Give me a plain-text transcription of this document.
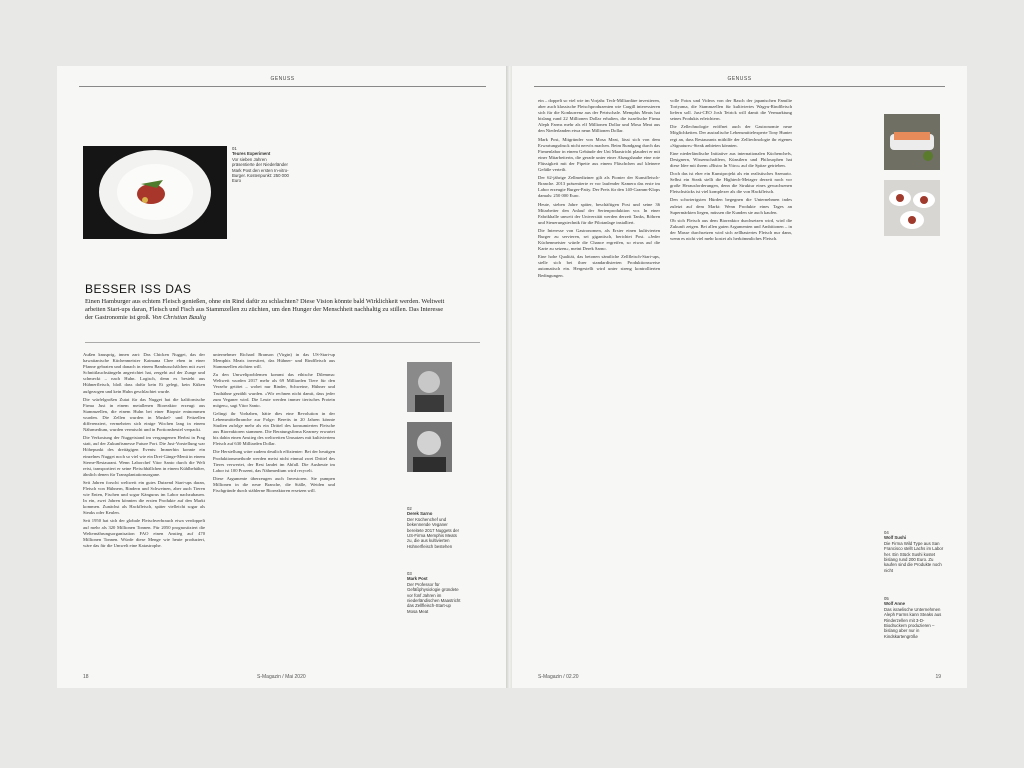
GENUSS
01
Teures Experiment
Vor sieben Jahren präsentierte der Niederländer Mark Post den ersten In-vitro-Burger. Kostenpunkt: 250 000 Euro
BESSER ISS DAS
Einen Hamburger aus echtem Fleisch genießen, ohne ein Rind dafür zu schlachten? Diese Vision könnte bald Wirklichkeit werden. Weltweit arbeiten Start-ups daran, Fleisch und Fisch aus Stammzellen zu züchten, um den Hunger der Menschheit nachhaltig zu stillen. Das Interesse der Gastronomie ist groß. Von Christian Baulig

Außen knusprig, innen zart: Das Chicken Nugget, das der hawaiianische Küchenmeister Kaimana Chee eben in einer Pfanne gebraten und danach in einem Bambusschälchen mit zwei Schnittlauchstängeln angerichtet hat, zergeht auf der Zunge und schmeckt – nach Huhn. Logisch, denn es besteht aus Hühnerfleisch, bloß dass dafür kein Ei gelegt, kein Küken aufgezogen und kein Huhn geschlachtet wurde.

Die würfelgroßen Zutat für das Nugget hat die kalifornische Firma Just in einem metallenen Bioreaktor erzeugt aus Stammzellen, die einem Huhn bei einer Biopsie entnommen wurden. Die Zellen wurden in Muskel- und Fettzellen differenziert, vermehrten sich einige Wochen lang in einem Nährmedium, wurden vermischt und in Portionsbeutel verpackt.

Die Verkostung der Nuggetstand im vergangenen Herbst in Prag statt, auf der Zukunftsmesse Future Port. Die Just-Vorstellung war Höhepunkt des dreitägigen Events: Immerhin konnte ein einzelnes Nugget noch so viel wie ein Drei-Gänge-Menü in einem Sterne-Restaurant. Wenn Laborchef Vitor Santo durch die Welt reist, transportiert er seine Fleischbällchen in einem Kühlbehälter, ähnlich denen für Transplantationsorgane.

Seit Jahren forscht weltweit ein gutes Dutzend Start-ups daran, Fleisch von Hühnern, Rindern und Schweinen, aber auch Tieren wie Enten, Fischen und sogar Kängurus im Labor nachzubauen. In ein, zwei Jahren könnten die ersten Produkte auf den Markt kommen. Zunächst als Hackfleisch, später vielleicht sogar als Steaks oder Keulen.

Seit 1950 hat sich der globale Fleischverbrauch etwa verdoppelt auf mehr als 320 Millionen Tonnen. Für 2050 prognostiziert die Welternährungsorganisation FAO einen Anstieg auf 470 Millionen Tonnen. Würde diese Menge wie heute produziert, wäre das für die Umwelt eine Katastrophe.

unternehmer Richard Branson (Virgin) in das US-Start-up Memphis Meats investiert, das Hühner- und Rindfleisch aus Stammzellen züchten will.

Zu den Umweltproblemen kommt das ethische Dilemma: Weltweit wurden 2017 mehr als 69 Milliarden Tiere für den Verzehr getötet – wobei nur Rinder, Schweine, Hühner und Truthähne gezählt wurden. »Wir rechnen nicht damit, dass jeder zum Veganer wird. Die Leute werden immer tierisches Protein mögen«, sagt Vitor Santo.

Gelingt ihr Vorhaben, hätte dies eine Revolution in der Lebensmittelbranche zur Folge: Bereits in 20 Jahren könnte Studien zufolge mehr als ein Drittel des konsumierten Fleische aus Bioreaktoren stammen. Die Beratungsfirma Kearney erwartet bis dahin einen Anstieg des weltweiten Umsatzes mit kultiviertem Fleisch auf 630 Milliarden Dollar.

Die Herstellung wäre zudem deutlich effizienter: Bei der heutigen Produktionsmethode werden meist nicht einmal zwei Drittel des Tieres verwertet, der Rest landet im Abfall. Die Ausbeute im Labor ist 100 Prozent, das Nährmedium wird recycelt.

Diese Argumente überzeugen auch Investoren. Sie pumpen Millionen in die neue Branche, die Ställe, Weiden und Fischgründe durch stählerne Bioreaktoren ersetzen will.

02
Derek Sarno
Der Küchenchef und bekennende Veganer bereitete 2017 Nuggets der US-Firma Memphis Meats zu, die aus kultivierten Hühnerfleisch bestehen
03
Mark Post
Der Professor für Gefäßphysiologie gründete vor fünf Jahren im niederländischen Maastricht das Zellfleisch-Start-up Mosa Meat
18	S-Magazin / Mai 2020
GENUSS

ein – doppelt so viel wie im Vorjahr. Tech-Milliardäre investieren, aber auch klassische Fleischproduzenten wie Cargill interessieren sich für die Konkurrenz aus der Petrischale. Memphis Meats hat bislang rund 22 Millionen Dollar erhalten, die israelische Firma Aleph Farms mehr als elf Millionen Dollar und Mosa Meat aus den Niederlanden etwa neun Millionen Dollar.

Mark Post, Mitgründer von Mosa Meat, lässt sich von dem Erwartungsdruck nicht nervös machen. Beim Rundgang durch das Firmenlabor in einem Gebäude der Uni Maastricht plaudert er mit einer Mitarbeiterin, die gerade unter einer Abzugshaube eine rote Flüssigkeit mit der Pipette aus einem Fläschchen auf kleinere Gefäße verteilt.

Der 62-jährige Zellmediziner gilt als Pionier der Kunstfleisch-Branche. 2013 präsentierte er vor laufender Kamera das erste im Labor erzeugte Burger-Patty. Der Preis für den 140-Gramm-Klops damals: 250 000 Euro.

Heute, sieben Jahre später, beschäftigen Post und seine 36 Mitarbeiter den Anlauf der Serienproduktion vor. In einer Fabrikhalle unweit der Universität werden derzeit Tanks, Röhren und Steuerungstechnik für die Pilotanlage installiert.

Die Interesse von Gastronomen, als Erster einen kultivierten Burger zu servieren, sei gigantisch, berichtet Post. »Jeder Küchenmeister würde die Chance ergreifen, so etwas auf die Karte zu setzen«, meint Derek Sarno.

Eine hohe Qualität, das betonen sämtliche Zellfleisch-Start-ups, stelle sich bei ihrer standardisierten Produktionsweise automatisch ein. Hergestellt wird unter streng kontrollierten Bedingungen.

volle Fotos und Videos von der Rasch der japanischen Familie Toriyama, die Stammzellen für kultiviertes Wagyu-Rindfleisch liefern soll. Just-CEO Josh Tetrick will damit die Vermarktung seines Produkts erleichtern.

Die Zellechnologie eröffnet auch der Gastronomie neue Möglichkeiten. Der australische Lebensmittelexperte Tony Hunter regt an, dass Restaurants mithilfe der Zelltechnologie ihr eigenes »Signature«-Steak anbieten könnten.

Eine niederländische Initiative aus internationalen Küchenchefs, Designern, Wissenschaftlern, Künstlern und Philosophen hat diese Idee mit ihrem »Bistro In Vitro« auf die Spitze getrieben.

Doch das ist eher ein Kunstprojekt als ein realistisches Szenario. Selbst ein Steak stellt die Hightech-Metzger derzeit noch vor große Herausforderungen, denn die Struktur eines gewachsenen Fleischstücks ist viel komplexer als die von Hackfleisch.

Den schwierigsten Hürden begegnen die Unternehmen indes zuletzt auf dem Markt: Wenn Produkte eines Tages an Supermärkten liegen, müssen die Kunden sie auch kaufen.

Ob sich Fleisch aus dem Bioreaktor durchsetzen wird, wird die Zukunft zeigen. Bei allen guten Argumenten und Ambitionen – in der Masse durchsetzen wird sich zellbasiertes Fleisch nur dann, wenn es nicht viel mehr kostet als herkömmliches Fleisch.

04
Wolf Sushi
Die Firma Wild Type aus San Francisco stellt Lachs im Labor her. Ein Stück Sushi kostet bislang rund 200 Euro. Zu kaufen sind die Produkte noch nicht
05
Wolf Anne
Das israelische Unternehmen Aleph Farms kann Steaks aus Rinderzellen mit 3-D-Biodruckern produzieren – bislang aber nur in Kindskartengröße
S-Magazin / 02.20	19
